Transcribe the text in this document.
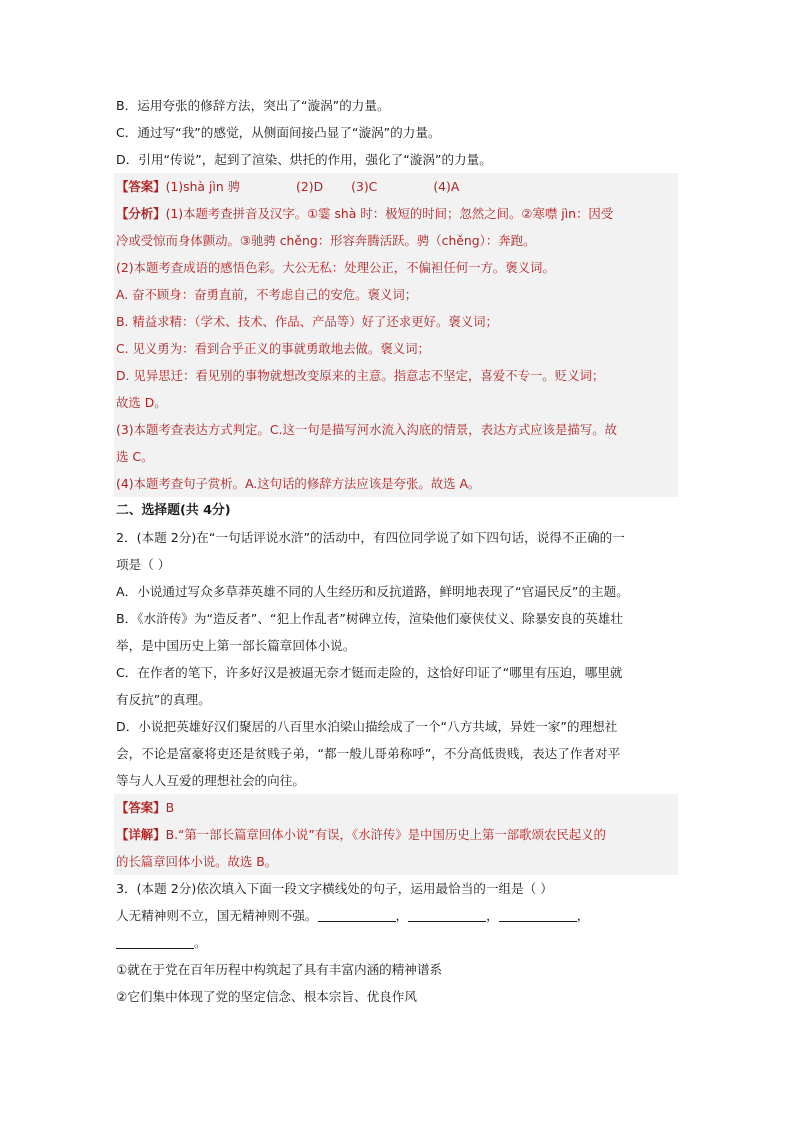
B．运用夸张的修辞方法，突出了“漩涡”的力量。
C．通过写“我”的感觉，从侧面间接凸显了“漩涡”的力量。
D．引用“传说”，起到了渲染、烘托的作用，强化了“漩涡”的力量。
【答案】(1)shà jìn 骋	(2)D (3)C	(4)A
【分析】(1)本题考查拼音及汉字。①霎 shà 时：极短的时间；忽然之间。②寒噤 jìn：因受
冷或受惊而身体颤动。③驰骋 chěng：形容奔腾活跃。骋（chěng）：奔跑。
(2)本题考查成语的感悟色彩。大公无私：处理公正，不偏袒任何一方。褒义词。
A. 奋不顾身：奋勇直前，不考虑自己的安危。褒义词；
B. 精益求精：（学术、技术、作品、产品等）好了还求更好。褒义词；
C. 见义勇为：看到合乎正义的事就勇敢地去做。褒义词；
D. 见异思迁：看见别的事物就想改变原来的主意。指意志不坚定，喜爱不专一。贬义词；
故选 D。
(3)本题考查表达方式判定。C.这一句是描写河水流入沟底的情景，表达方式应该是描写。故
选 C。
(4)本题考查句子赏析。A.这句话的修辞方法应该是夸张。故选 A。
二、选择题(共 4分)
2．(本题 2分)在“一句话评说水浒”的活动中，有四位同学说了如下四句话，说得不正确的一
项是（ ）
A．小说通过写众多草莽英雄不同的人生经历和反抗道路，鲜明地表现了“官逼民反”的主题。
B．《水浒传》为“造反者”、“犯上作乱者”树碑立传，渲染他们豪侠仗义、除暴安良的英雄壮
举，是中国历史上第一部长篇章回体小说。
C．在作者的笔下，许多好汉是被逼无奈才铤而走险的，这恰好印证了“哪里有压迫，哪里就
有反抗”的真理。
D．小说把英雄好汉们聚居的八百里水泊梁山描绘成了一个“八方共域，异姓一家”的理想社
会，不论是富豪将吏还是贫贱子弟，“都一般儿哥弟称呼”，不分高低贵贱，表达了作者对平
等与人人互爱的理想社会的向往。
【答案】B
【详解】B.“第一部长篇章回体小说”有误，《水浒传》是中国历史上第一部歌颂农民起义的
的长篇章回体小说。故选 B。
3．(本题 2分)依次填入下面一段文字横线处的句子，运用最恰当的一组是（ ）
人无精神则不立，国无精神则不强。	，	，	，
。
①就在于党在百年历程中构筑起了具有丰富内涵的精神谱系
②它们集中体现了党的坚定信念、根本宗旨、优良作风
